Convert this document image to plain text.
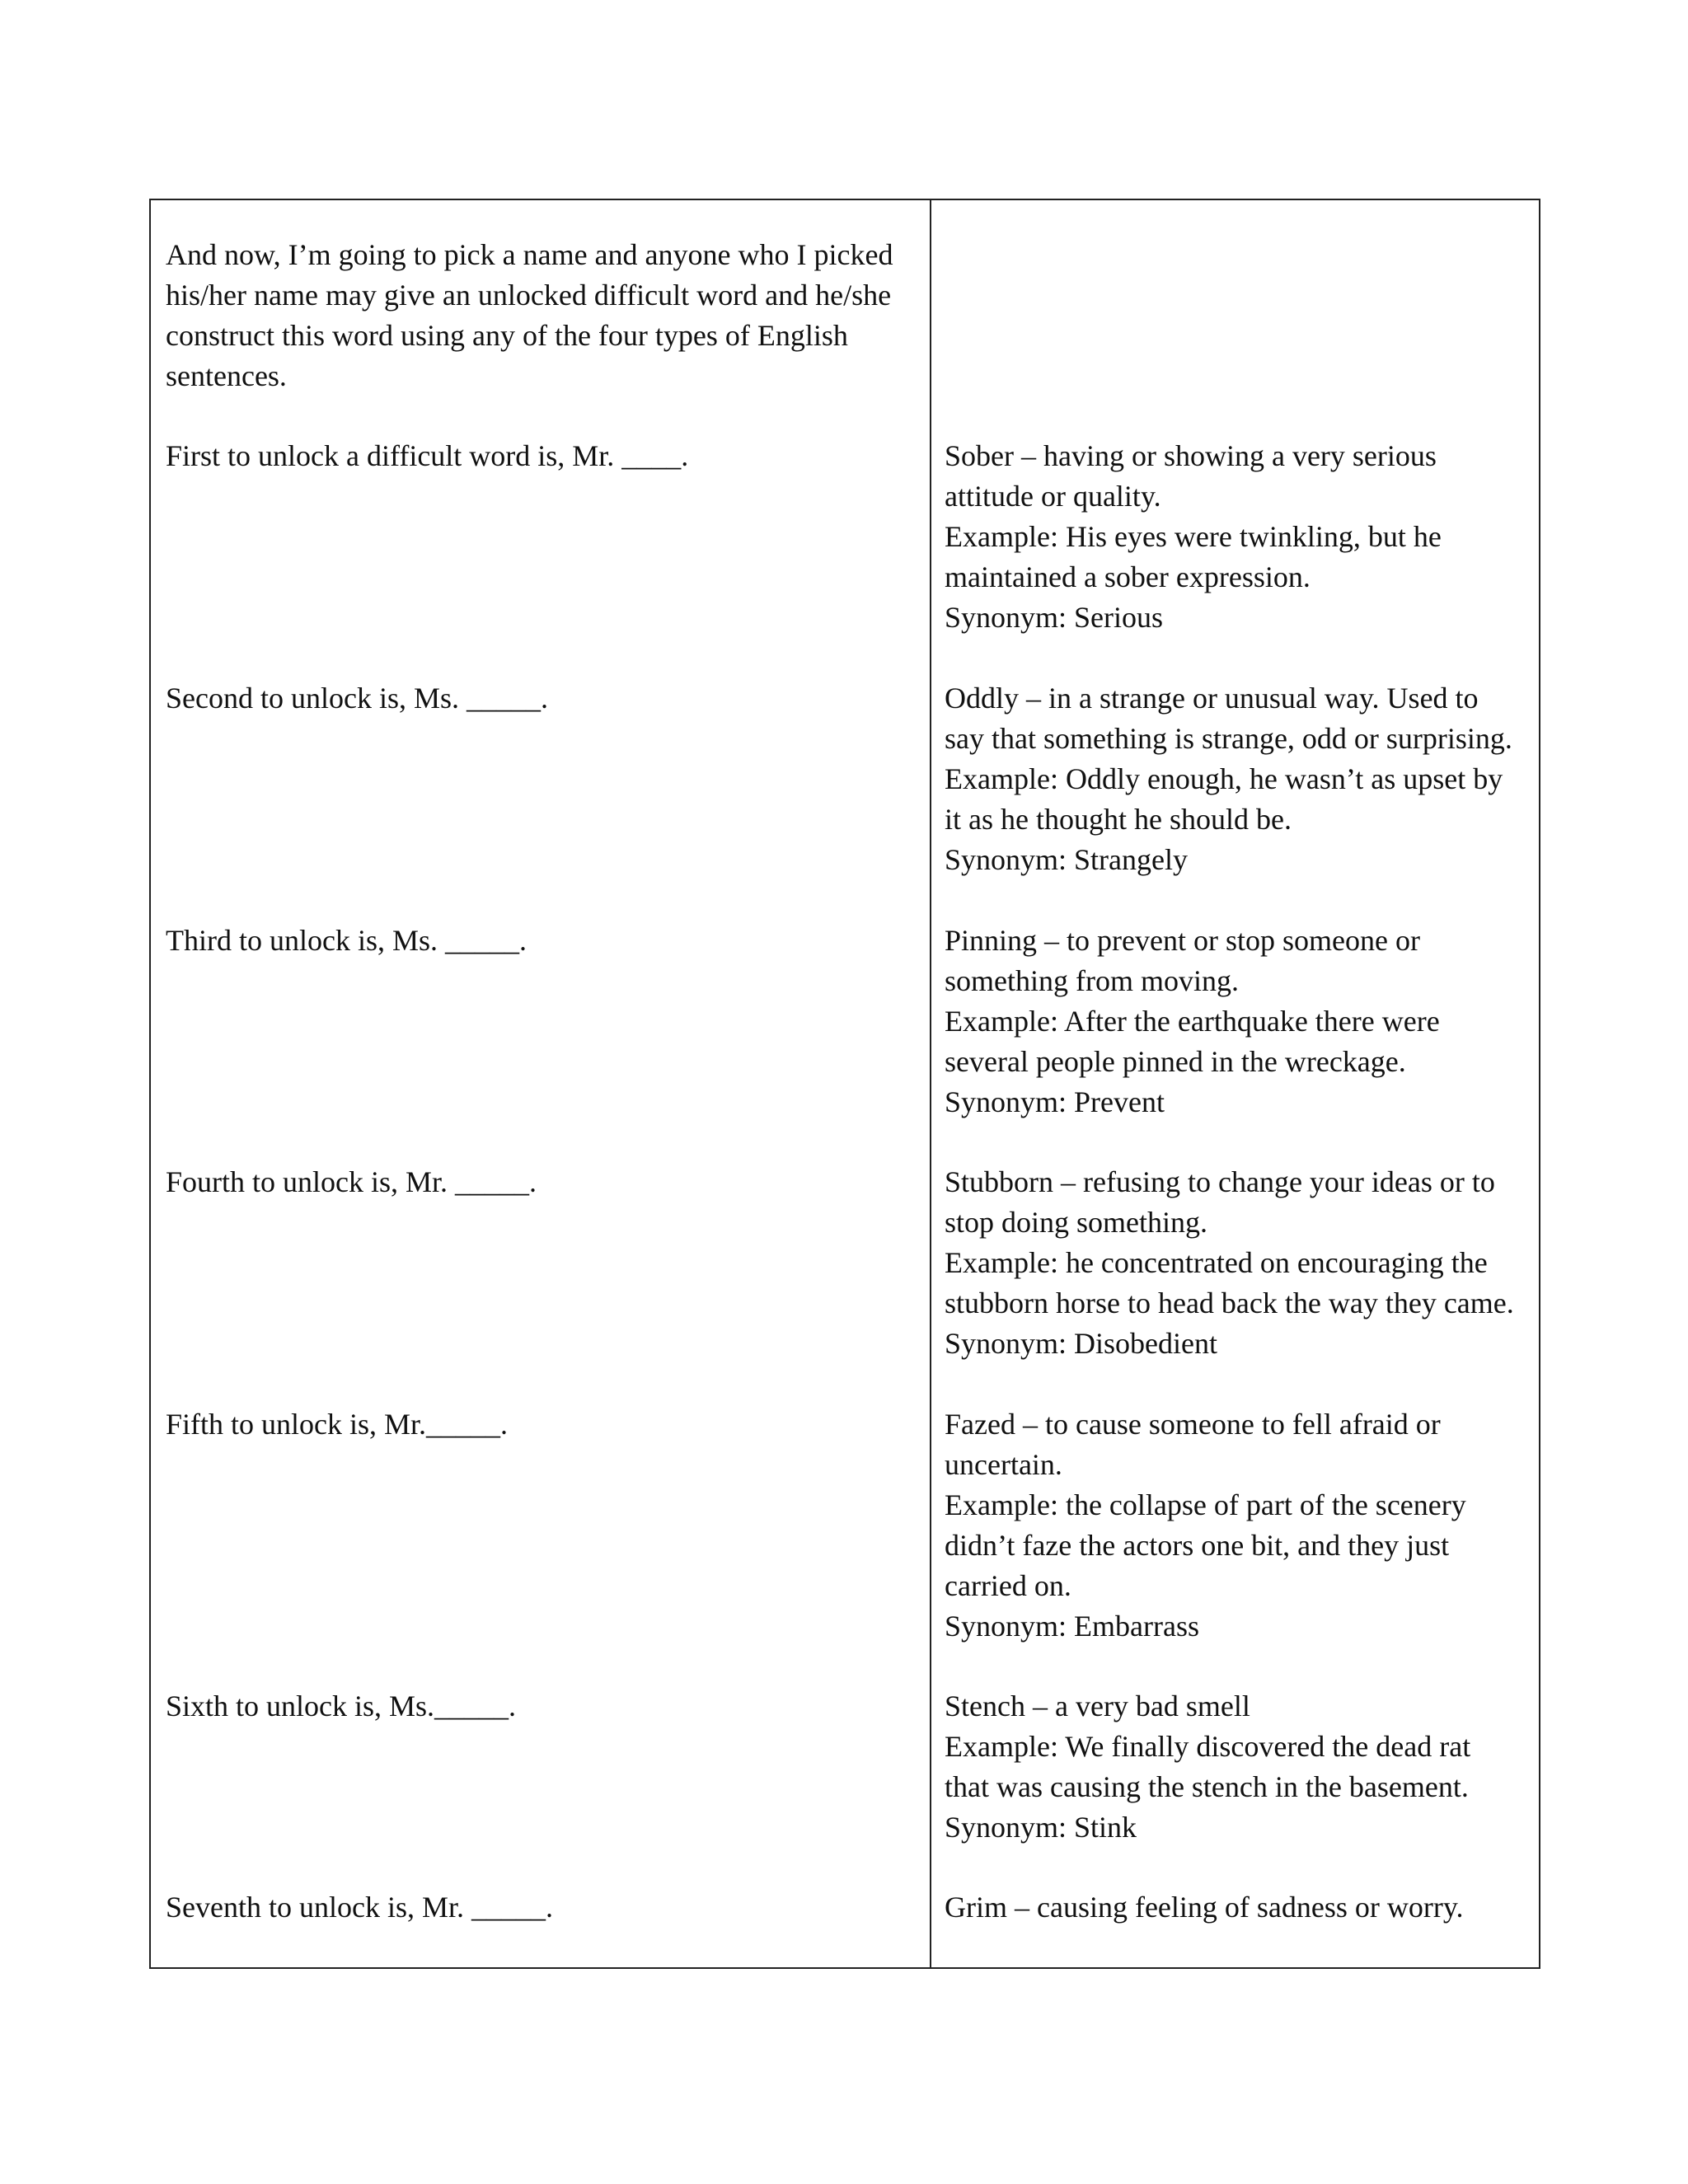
And now, I’m going to pick a name and anyone who I picked
his/her name may give an unlocked difficult word and he/she
construct this word using any of the four types of English
sentences.

First to unlock a difficult word is, Mr. ____.

Second to unlock is, Ms. _____.

Third to unlock is, Ms. _____.

Fourth to unlock is, Mr. _____.

Fifth to unlock is, Mr._____.

Sixth to unlock is, Ms._____.

Seventh to unlock is, Mr. _____.

Sober – having or showing a very serious
attitude or quality.
Example: His eyes were twinkling, but he
maintained a sober expression.
Synonym: Serious

Oddly – in a strange or unusual way. Used to
say that something is strange, odd or surprising.
Example: Oddly enough, he wasn’t as upset by
it as he thought he should be.
Synonym: Strangely

Pinning – to prevent or stop someone or
something from moving.
Example: After the earthquake there were
several people pinned in the wreckage.
Synonym: Prevent

Stubborn – refusing to change your ideas or to
stop doing something.
Example: he concentrated on encouraging the
stubborn horse to head back the way they came.
Synonym: Disobedient

Fazed – to cause someone to fell afraid or
uncertain.
Example: the collapse of part of the scenery
didn’t faze the actors one bit, and they just
carried on.
Synonym: Embarrass

Stench – a very bad smell
Example: We finally discovered the dead rat
that was causing the stench in the basement.
Synonym: Stink

Grim – causing feeling of sadness or worry.
